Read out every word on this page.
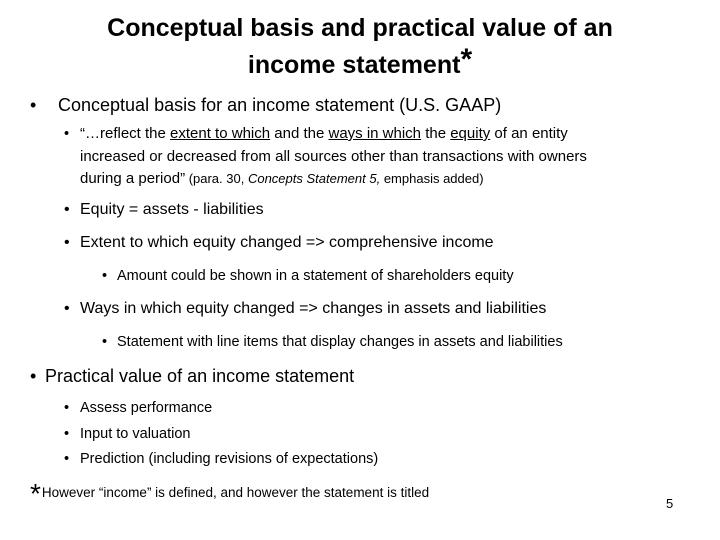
Conceptual basis and practical value of an
income statement*
• Conceptual basis for an income statement (U.S. GAAP)
• “…reflect the extent to which and the ways in which the equity of an entity
increased or decreased from all sources other than transactions with owners
during a period” (para. 30, Concepts Statement 5, emphasis added)
• Equity = assets - liabilities
• Extent to which equity changed => comprehensive income
• Amount could be shown in a statement of shareholders equity
• Ways in which equity changed => changes in assets and liabilities
• Statement with line items that display changes in assets and liabilities
• Practical value of an income statement
• Assess performance
• Input to valuation
• Prediction (including revisions of expectations)
*However “income” is defined, and however the statement is titled
5
